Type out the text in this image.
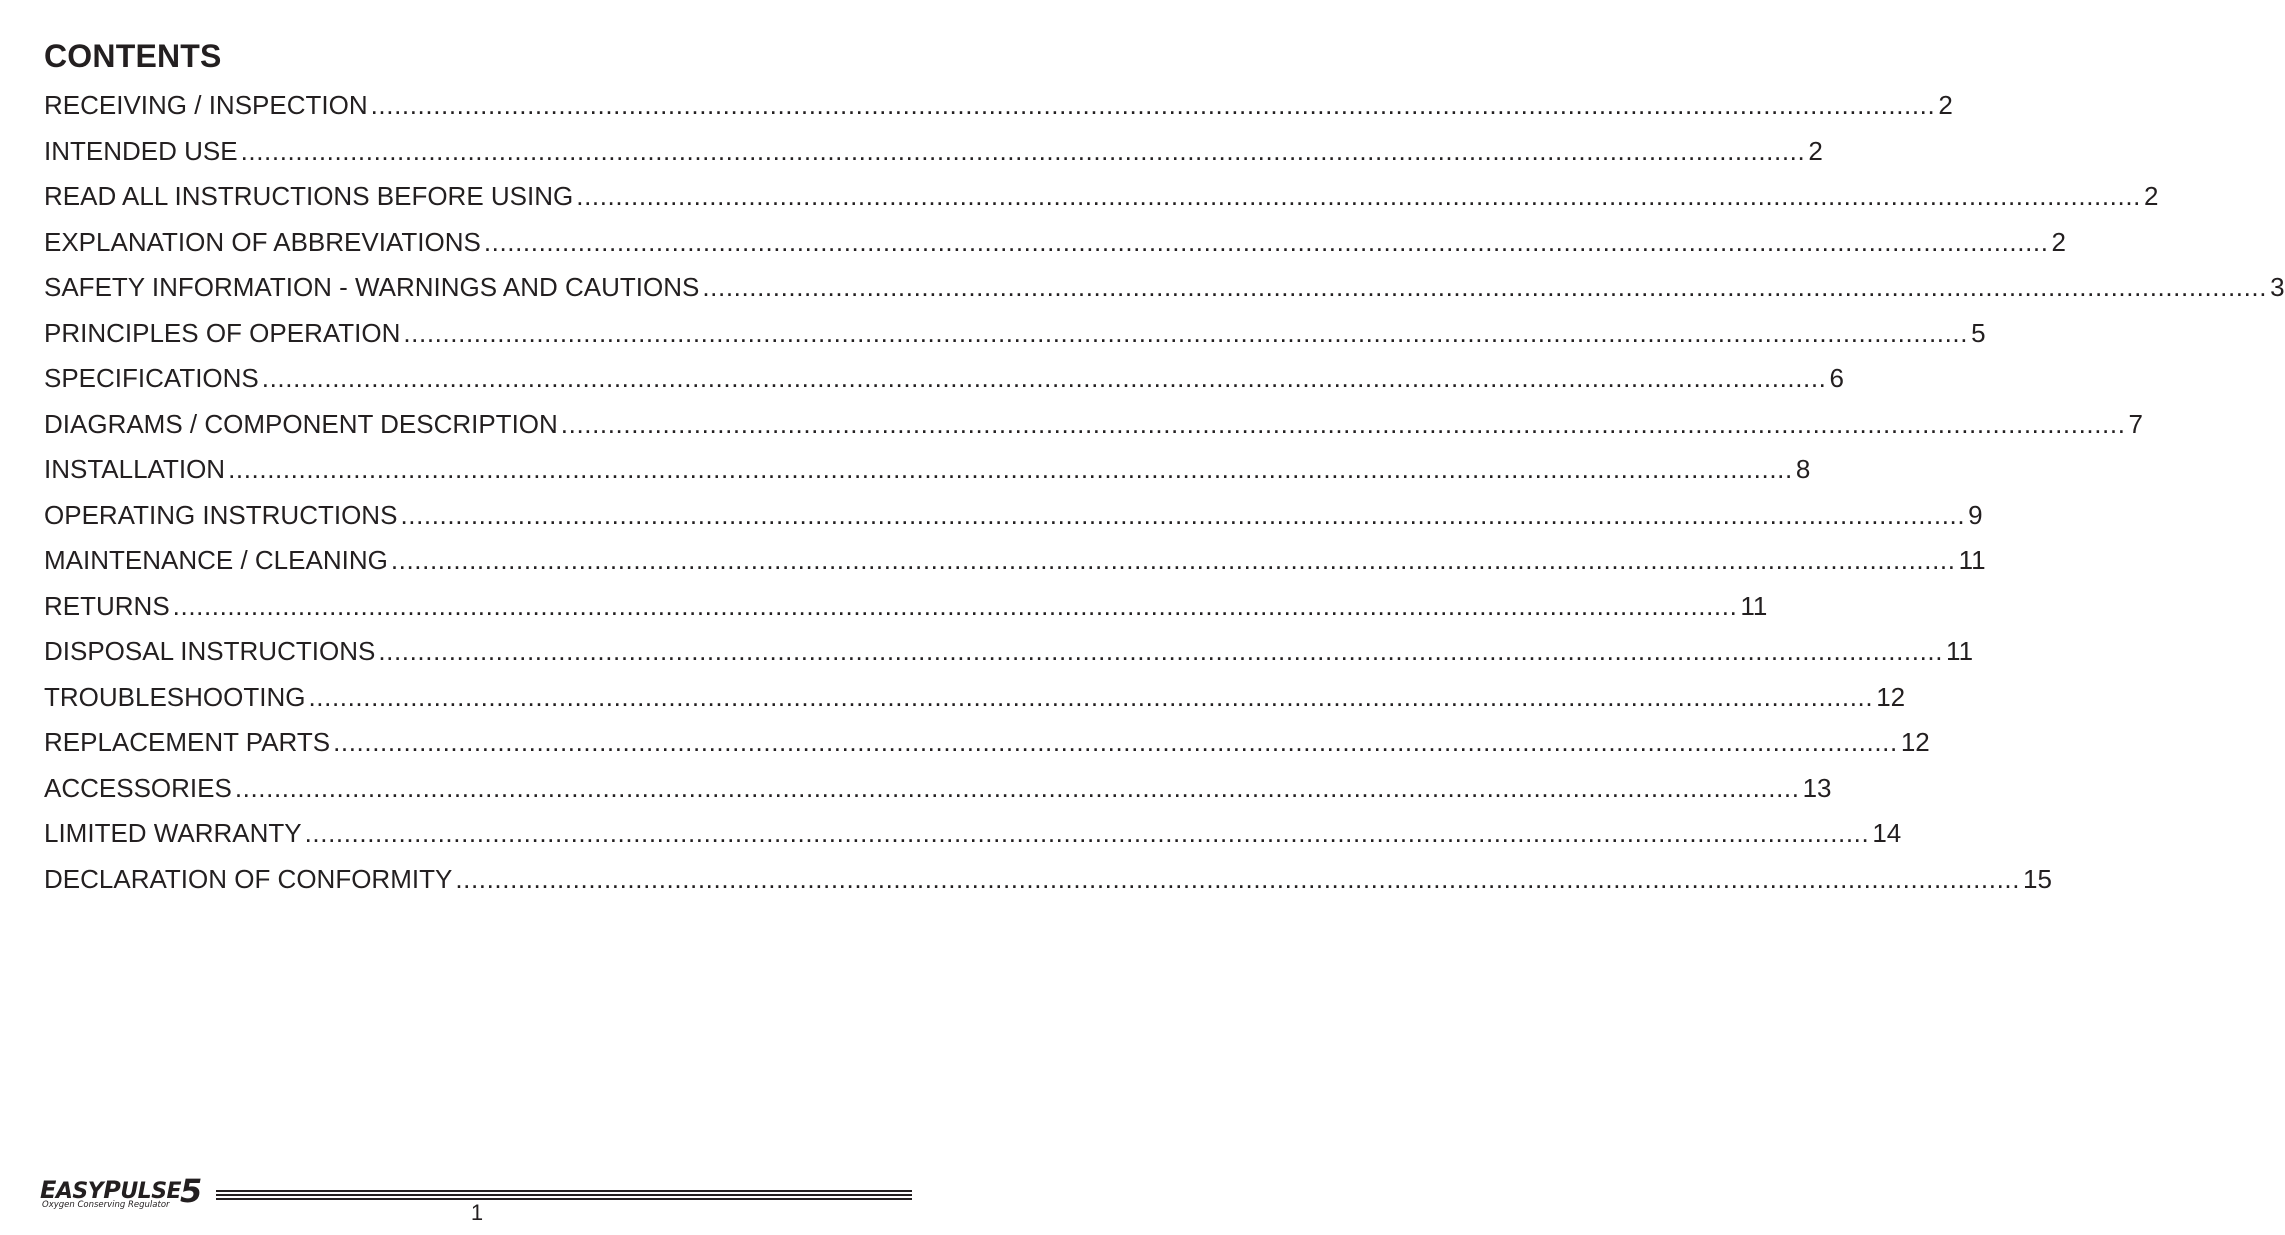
CONTENTS
RECEIVING / INSPECTION ........................................................................................................................................................................................................ 2
INTENDED USE ........................................................................................................................................................................................................ 2
READ ALL INSTRUCTIONS BEFORE USING ........................................................................................................................................................................................................ 2
EXPLANATION OF ABBREVIATIONS ........................................................................................................................................................................................................ 2
SAFETY INFORMATION - WARNINGS AND CAUTIONS ........................................................................................................................................................................................................ 3
PRINCIPLES OF OPERATION ........................................................................................................................................................................................................ 5
SPECIFICATIONS ........................................................................................................................................................................................................ 6
DIAGRAMS / COMPONENT DESCRIPTION ........................................................................................................................................................................................................ 7
INSTALLATION ........................................................................................................................................................................................................ 8
OPERATING INSTRUCTIONS ........................................................................................................................................................................................................ 9
MAINTENANCE / CLEANING ........................................................................................................................................................................................................ 11
RETURNS ........................................................................................................................................................................................................ 11
DISPOSAL INSTRUCTIONS ........................................................................................................................................................................................................ 11
TROUBLESHOOTING ........................................................................................................................................................................................................ 12
REPLACEMENT PARTS ........................................................................................................................................................................................................ 12
ACCESSORIES ........................................................................................................................................................................................................ 13
LIMITED WARRANTY ........................................................................................................................................................................................................ 14
DECLARATION OF CONFORMITY ........................................................................................................................................................................................................ 15
EASYPULSE
5
Oxygen Conserving Regulator	1
